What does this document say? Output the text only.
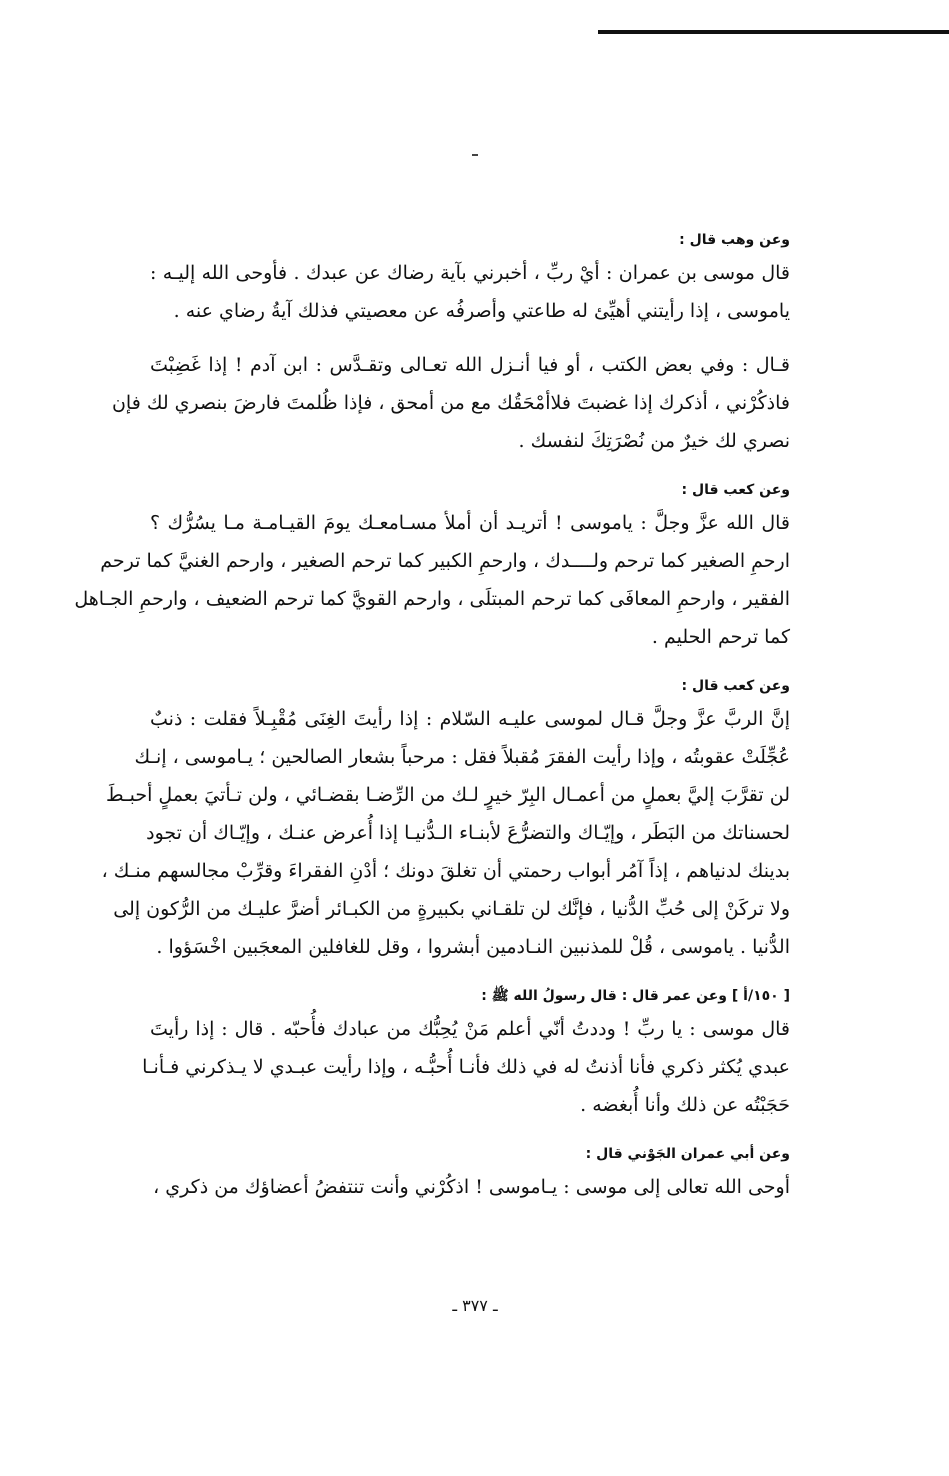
وعن وهب قال :

قال موسى بن عمران : أيْ ربِّ ، أخبرني بآية رضاك عن عبدك . فأوحى الله إليـه :

ياموسى ، إذا رأيتني أهيِّئ له طاعتي وأصرفُه عن معصيتي فذلك آيةُ رضاي عنه .

قـال : وفي بعض الكتب ، أو فيا أنـزل الله تعـالى وتقـدَّس : ابن آدم ! إذا غَضِبْتَ

فاذكُرْني ، أذكرك إذا غضبتَ فلاأمْحَقُك مع من أمحق ، فإذا ظُلمتَ فارضَ بنصري لك فإن

نصري لك خيرٌ من نُصْرَتِكَ لنفسك .

وعن كعب قال :

قال الله عزَّ وجلَّ : ياموسى ! أتريـد أن أملأ مسـامعـك يومَ القيـامـة مـا يسُرُّك ؟

ارحمِ الصغير كما ترحم ولــــدك ، وارحمِ الكبير كما ترحم الصغير ، وارحم الغنيَّ كما ترحم

الفقير ، وارحمِ المعافَى كما ترحم المبتلَى ، وارحم القويَّ كما ترحم الضعيف ، وارحمِ الجـاهل

كما ترحم الحليم .

وعن كعب قال :

إنَّ الربَّ عزَّ وجلَّ قـال لموسى عليـه السّلام : إذا رأيتَ الغِنَى مُقْبِـلاً فقلت : ذنبٌ

عُجِّلَتْ عقوبتُه ، وإذا رأيت الفقرَ مُقبلاً فقل : مرحباً بشعار الصالحين ؛ يـاموسى ، إنـك

لن تقرَّبَ إليَّ بعملٍ من أعمـال البِرّ خيرٍ لـك من الرِّضـا بقضـائي ، ولن تـأتيَ بعملٍ أحبـطَ

لحسناتك من البَطَر ، وإيّـاك والتضرُّعَ لأبنـاء الـدُّنيـا إذا أُعرض عنـك ، وإيّـاك أن تجود

بدينك لدنياهم ، إذاً آمُر أبواب رحمتي أن تغلقَ دونك ؛ أدْنِ الفقراءَ وقرِّبْ مجالسهم منـك ،

ولا تركَنْ إلى حُبِّ الدُّنيا ، فإنَّك لن تلقـاني بكبيرةٍ من الكبـائر أضرَّ عليـك من الرُّكون إلى

الدُّنيا . ياموسى ، قُلْ للمذنبين النـادمين أبشروا ، وقل للغافلين المعجَبين اخْسَؤوا .

[ ١٥٠/أ ] وعن عمر قال : قال رسولُ الله ﷺ :

قال موسى : يا ربِّ ! وددتُ أنّي أعلم مَنْ يُحِبُّك من عبادك فأُحبّه . قال : إذا رأيتَ

عبدي يُكثر ذكري فأنا أذنتُ له في ذلك فأنـا أُحبُّـه ، وإذا رأيت عبـدي لا يـذكرني فـأنـا

حَجَبْتُه عن ذلك وأنا أُبغضه .

وعن أبي عمران الجَوْني قال :

أوحى الله تعالى إلى موسى : يـاموسى ! اذكُرْني وأنت تنتفضُ أعضاؤك من ذكري ،

ـ ٣٧٧ ـ
